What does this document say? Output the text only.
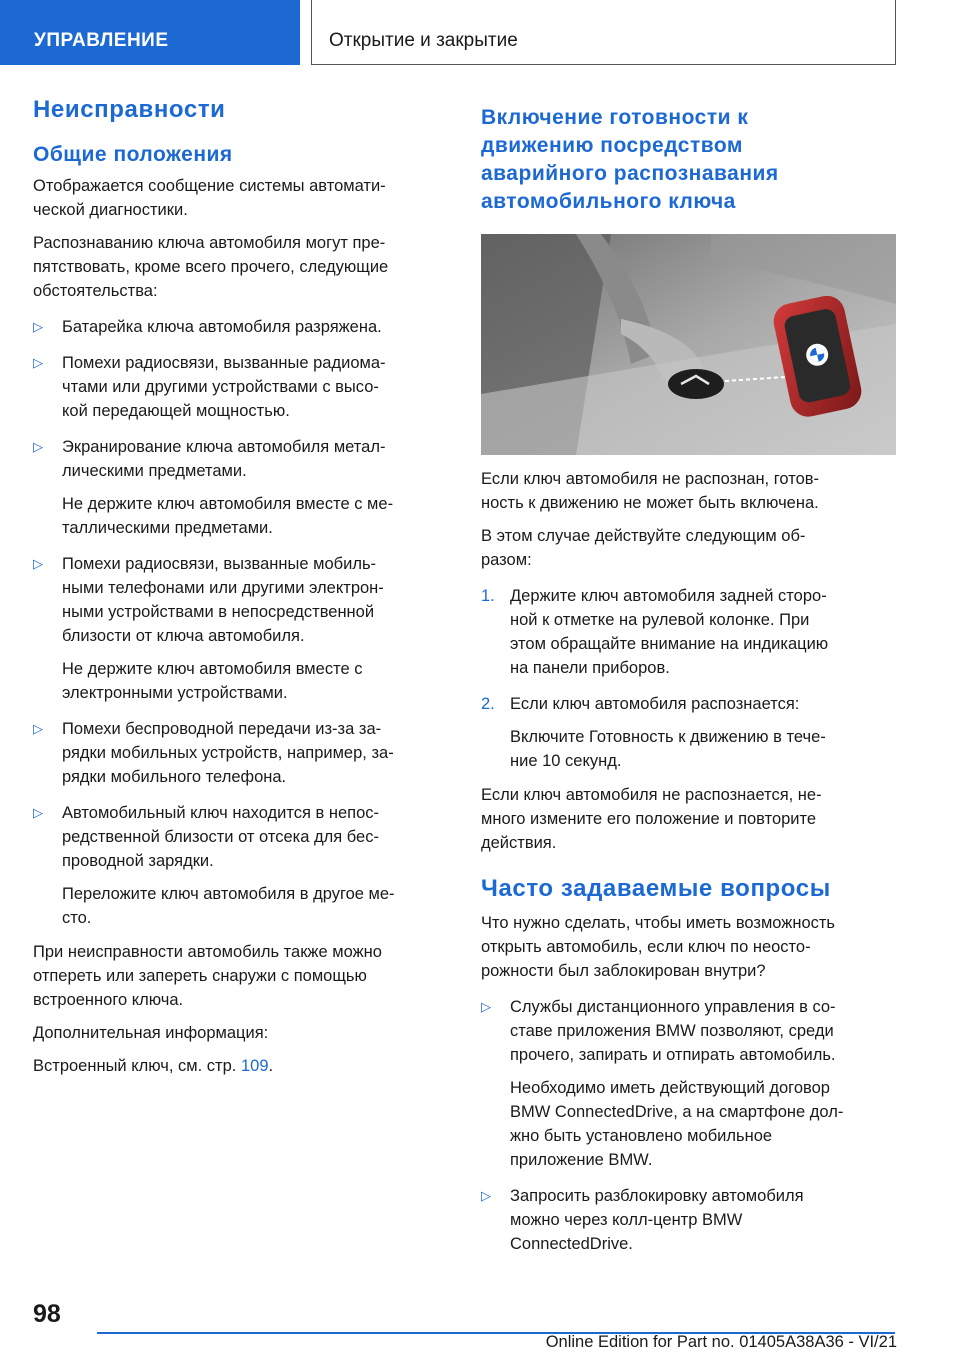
УПРАВЛЕНИЕ	Открытие и закрытие
Неисправности
Общие положения

Отображается сообщение системы автомати-
ческой диагностики.

Распознаванию ключа автомобиля могут пре-
пятствовать, кроме всего прочего, следующие
обстоятельства:

▷ Батарейка ключа автомобиля разряжена.
▷ Помехи радиосвязи, вызванные радиома-
чтами или другими устройствами с высо-
кой передающей мощностью.
▷ Экранирование ключа автомобиля метал-
лическими предметами.
Не держите ключ автомобиля вместе с ме-
таллическими предметами.
▷ Помехи радиосвязи, вызванные мобиль-
ными телефонами или другими электрон-
ными устройствами в непосредственной
близости от ключа автомобиля.
Не держите ключ автомобиля вместе с
электронными устройствами.
▷ Помехи беспроводной передачи из-за за-
рядки мобильных устройств, например, за-
рядки мобильного телефона.
▷ Автомобильный ключ находится в непос-
редственной близости от отсека для бес-
проводной зарядки.
Переложите ключ автомобиля в другое ме-
сто.

При неисправности автомобиль также можно
отпереть или запереть снаружи с помощью
встроенного ключа.

Дополнительная информация:

Встроенный ключ, см. стр. 109.

Включение готовности к
движению посредством
аварийного распознавания
автомобильного ключа

Если ключ автомобиля не распознан, готов-
ность к движению не может быть включена.

В этом случае действуйте следующим об-
разом:

1. Держите ключ автомобиля задней сторо-
ной к отметке на рулевой колонке. При
этом обращайте внимание на индикацию
на панели приборов.
2. Если ключ автомобиля распознается:
Включите Готовность к движению в тече-
ние 10 секунд.

Если ключ автомобиля не распознается, не-
много измените его положение и повторите
действия.

Часто задаваемые вопросы

Что нужно сделать, чтобы иметь возможность
открыть автомобиль, если ключ по неосто-
рожности был заблокирован внутри?

▷ Службы дистанционного управления в со-
ставе приложения BMW позволяют, среди
прочего, запирать и отпирать автомобиль.
Необходимо иметь действующий договор
BMW ConnectedDrive, а на смартфоне дол-
жно быть установлено мобильное
приложение BMW.
▷ Запросить разблокировку автомобиля
можно через колл-центр BMW
ConnectedDrive.
98
Online Edition for Part no. 01405A38A36 - VI/21
